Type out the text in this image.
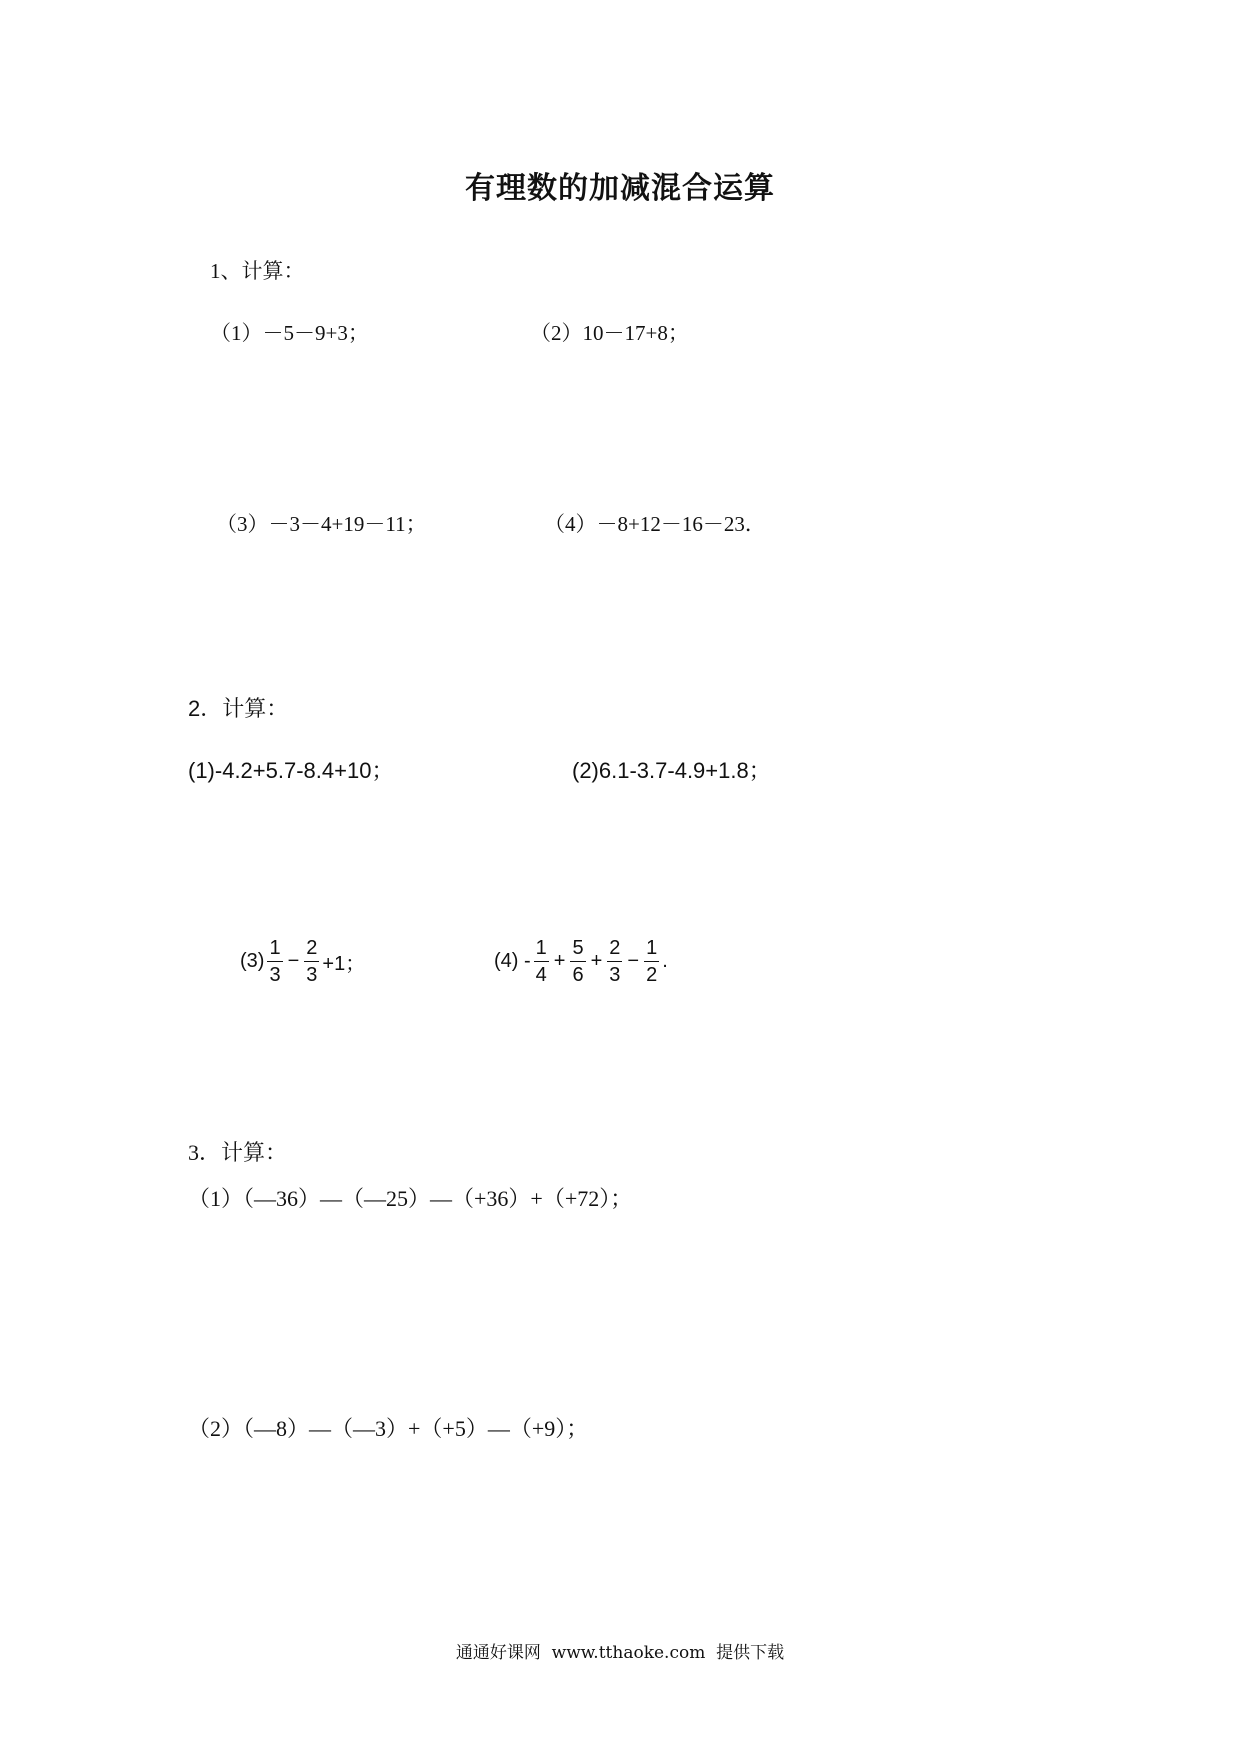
有理数的加减混合运算
1、计算：
（1）－5－9+3；	（2）10－17+8；
（3）－3－4+19－11；	（4）－8+12－16－23．
2．计算：
(1)-4.2+5.7-8.4+10；	(2)6.1-3.7-4.9+1.8；
$(3) \frac{1}{3} - \frac{2}{3} +1$；	$(4) - \frac{1}{4} + \frac{5}{6} + \frac{2}{3} - \frac{1}{2}$ .
3．计算：
（1）（—36）—（—25）—（+36）+（+72）；
（2）（—8）—（—3）+（+5）—（+9）；
通通好课网  www.tthaoke.com  提供下载
